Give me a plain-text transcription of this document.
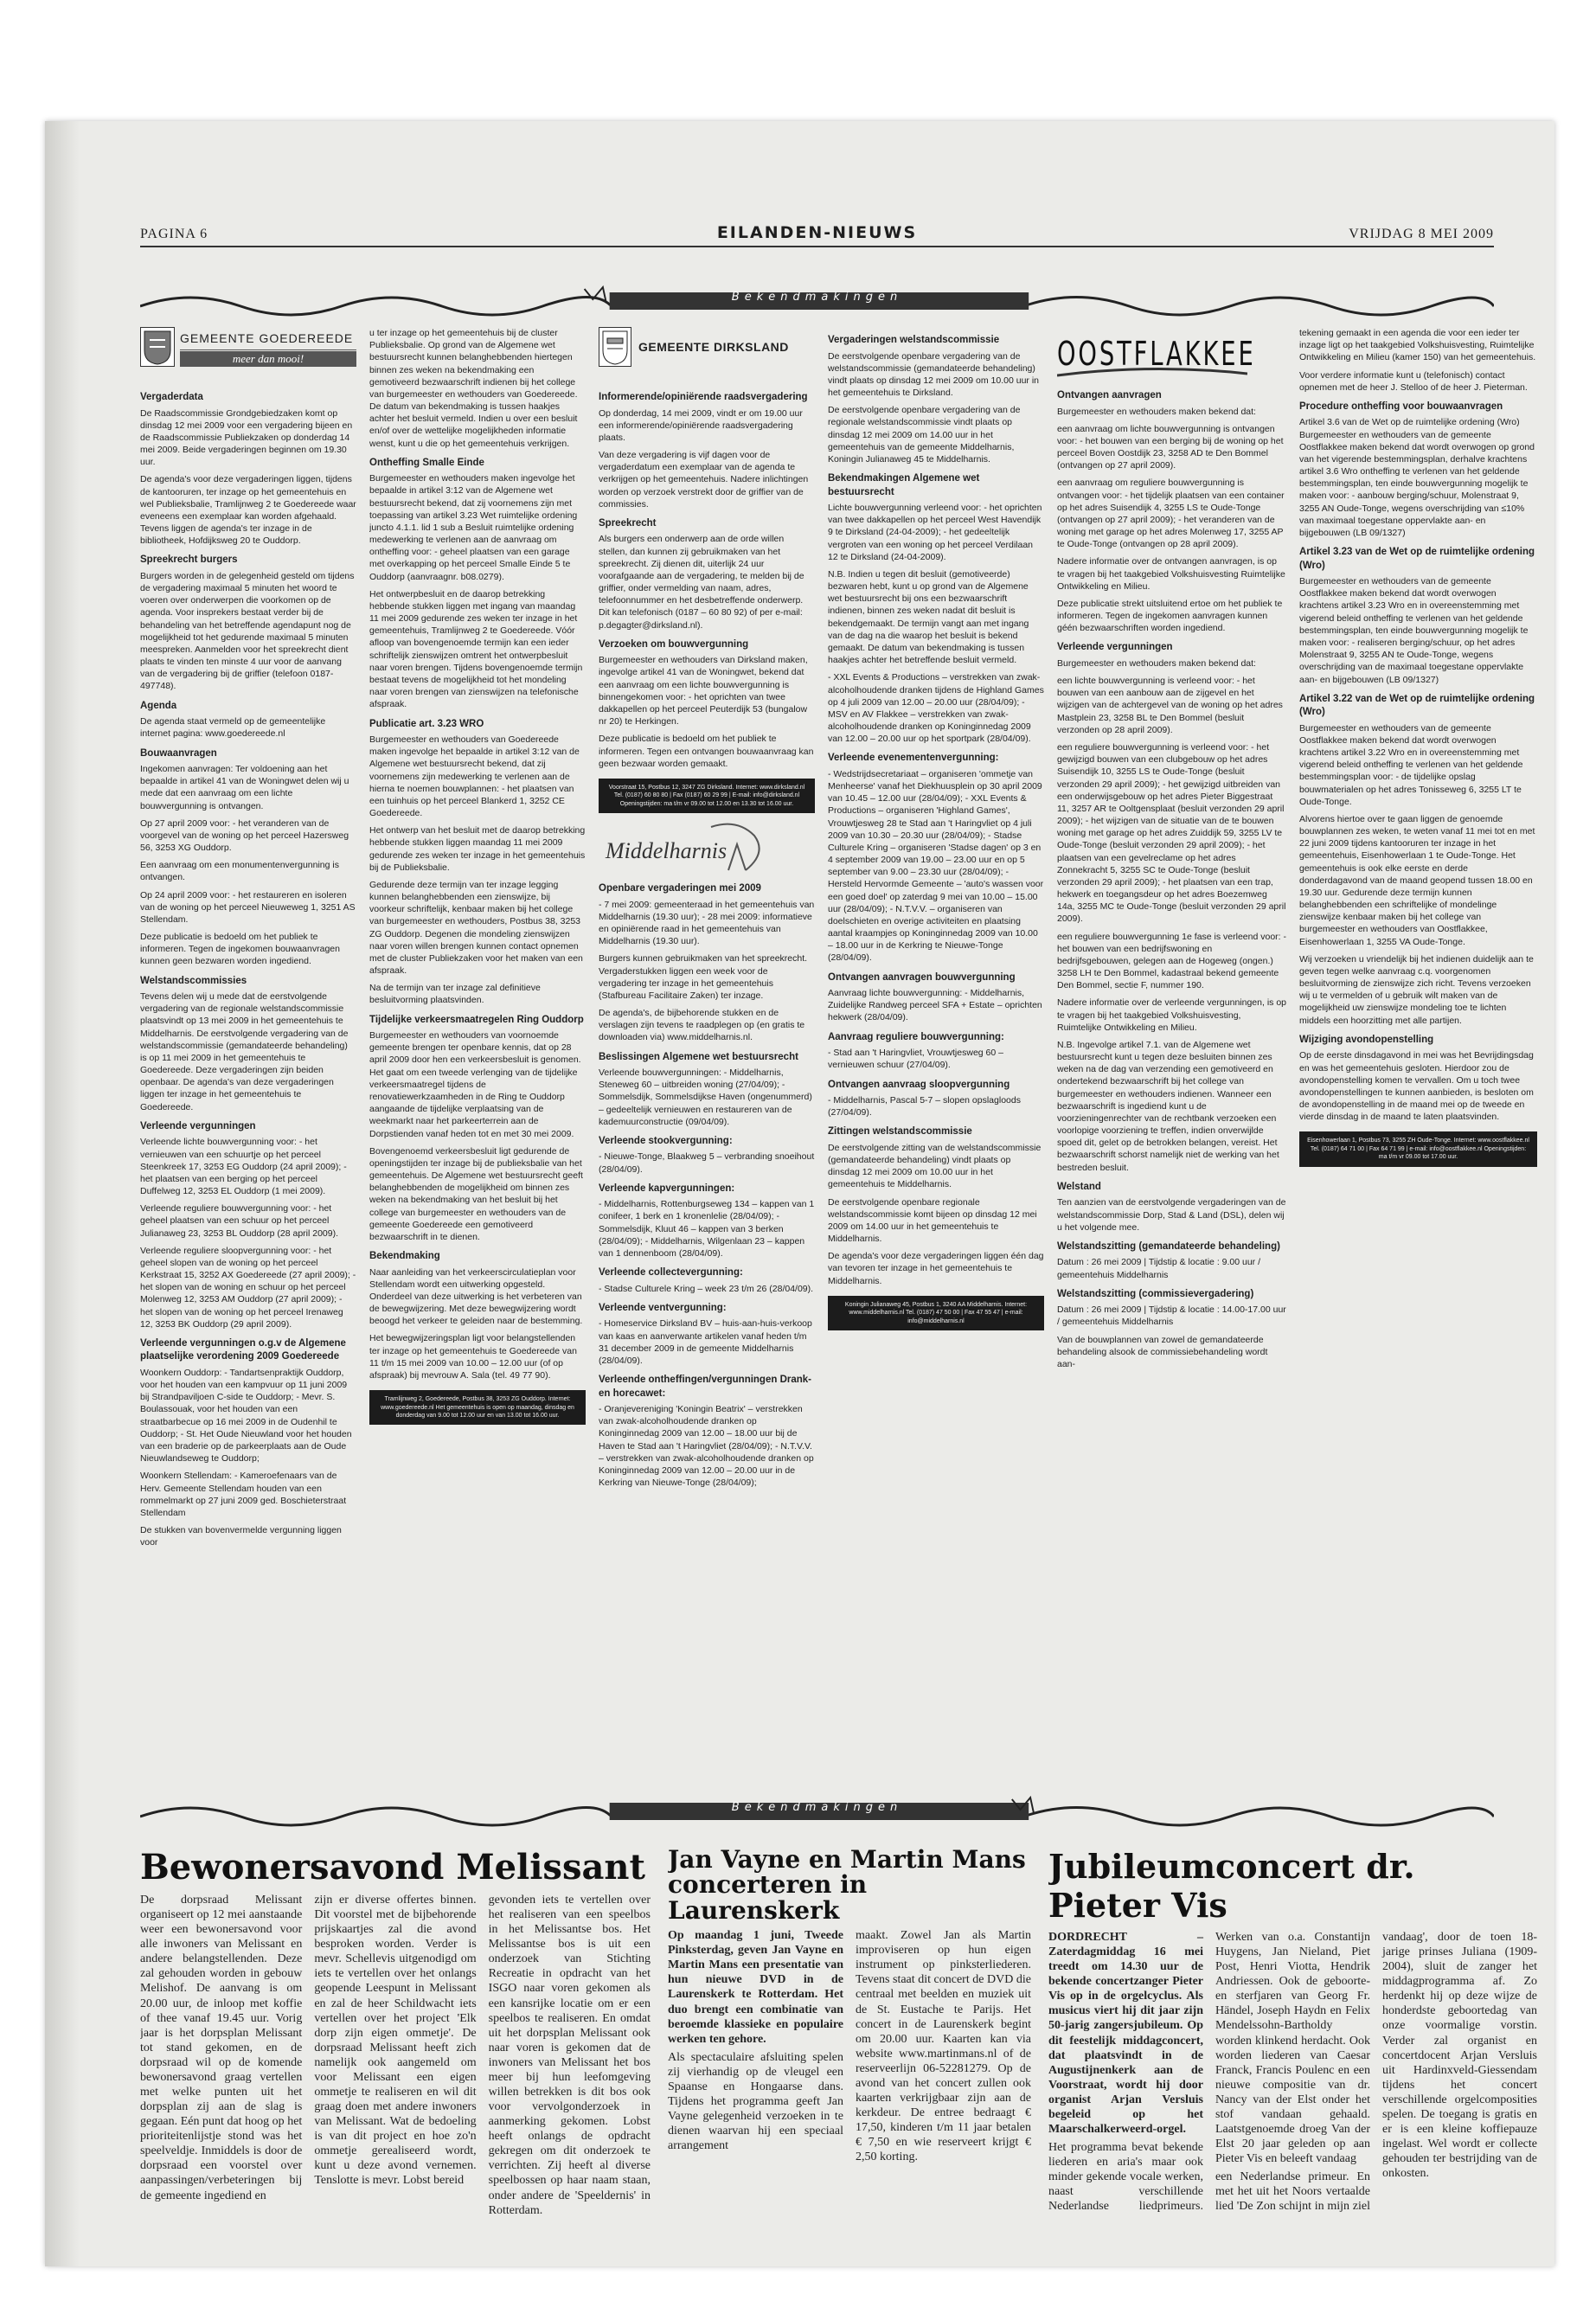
PAGINA 6	EILANDEN-NIEUWS	VRIJDAG 8 MEI 2009
Bekendmakingen
GEMEENTE GOEDEREEDE
meer dan mooi!
Vergaderdata

De Raadscommissie Grondgebiedzaken komt op dinsdag 12 mei 2009 voor een vergadering bijeen en de Raadscommissie Publiekzaken op donderdag 14 mei 2009. Beide vergaderingen beginnen om 19.30 uur.

De agenda's voor deze vergaderingen liggen, tijdens de kantooruren, ter inzage op het gemeentehuis en wel Publieksbalie, Tramlijnweg 2 te Goedereede waar eveneens een exemplaar kan worden afgehaald. Tevens liggen de agenda's ter inzage in de bibliotheek, Hofdijksweg 20 te Ouddorp.

Spreekrecht burgers

Burgers worden in de gelegenheid gesteld om tijdens de vergadering maximaal 5 minuten het woord te voeren over onderwerpen die voorkomen op de agenda. Voor insprekers bestaat verder bij de behandeling van het betreffende agendapunt nog de mogelijkheid tot het gedurende maximaal 5 minuten meespreken. Aanmelden voor het spreekrecht dient plaats te vinden ten minste 4 uur voor de aanvang van de vergadering bij de griffier (telefoon 0187-497748).

Agenda

De agenda staat vermeld op de gemeentelijke internet pagina: www.goedereede.nl

Bouwaanvragen

Ingekomen aanvragen: Ter voldoening aan het bepaalde in artikel 41 van de Woningwet delen wij u mede dat een aanvraag om een lichte bouwvergunning is ontvangen.

Op 27 april 2009 voor: - het veranderen van de voorgevel van de woning op het perceel Hazersweg 56, 3253 XG Ouddorp.

Een aanvraag om een monumentenvergunning is ontvangen.

Op 24 april 2009 voor: - het restaureren en isoleren van de woning op het perceel Nieuweweg 1, 3251 AS Stellendam.

Deze publicatie is bedoeld om het publiek te informeren. Tegen de ingekomen bouwaanvragen kunnen geen bezwaren worden ingediend.

Welstandscommissies

Tevens delen wij u mede dat de eerstvolgende vergadering van de regionale welstandscommissie plaatsvindt op 13 mei 2009 in het gemeentehuis te Middelharnis. De eerstvolgende vergadering van de welstandscommissie (gemandateerde behandeling) is op 11 mei 2009 in het gemeentehuis te Goedereede. Deze vergaderingen zijn beiden openbaar. De agenda's van deze vergaderingen liggen ter inzage in het gemeentehuis te Goedereede.

Verleende vergunningen

Verleende lichte bouwvergunning voor: - het vernieuwen van een schuurtje op het perceel Steenkreek 17, 3253 EG Ouddorp (24 april 2009); - het plaatsen van een berging op het perceel Duffelweg 12, 3253 EL Ouddorp (1 mei 2009).

Verleende reguliere bouwvergunning voor: - het geheel plaatsen van een schuur op het perceel Julianaweg 23, 3253 BL Ouddorp (28 april 2009).

Verleende reguliere sloopvergunning voor: - het geheel slopen van de woning op het perceel Kerkstraat 15, 3252 AX Goedereede (27 april 2009); - het slopen van de woning en schuur op het perceel Molenweg 12, 3253 AM Ouddorp (27 april 2009); - het slopen van de woning op het perceel Irenaweg 12, 3253 BK Ouddorp (29 april 2009).

Verleende vergunningen o.g.v de Algemene plaatselijke verordening 2009 Goedereede

Woonkern Ouddorp: - Tandartsenpraktijk Ouddorp, voor het houden van een kampvuur op 11 juni 2009 bij Strandpaviljoen C-side te Ouddorp; - Mevr. S. Boulassouak, voor het houden van een straatbarbecue op 16 mei 2009 in de Oudenhil te Ouddorp; - St. Het Oude Nieuwland voor het houden van een braderie op de parkeerplaats aan de Oude Nieuwlandseweg te Ouddorp;

Woonkern Stellendam: - Kameroefenaars van de Herv. Gemeente Stellendam houden van een rommelmarkt op 27 juni 2009 ged. Boschieterstraat Stellendam

De stukken van bovenvermelde vergunning liggen voor

u ter inzage op het gemeentehuis bij de cluster Publieksbalie. Op grond van de Algemene wet bestuursrecht kunnen belanghebbenden hiertegen binnen zes weken na bekendmaking een gemotiveerd bezwaarschrift indienen bij het college van burgemeester en wethouders van Goedereede. De datum van bekendmaking is tussen haakjes achter het besluit vermeld. Indien u over een besluit en/of over de wettelijke mogelijkheden informatie wenst, kunt u die op het gemeentehuis verkrijgen.

Ontheffing Smalle Einde

Burgemeester en wethouders maken ingevolge het bepaalde in artikel 3:12 van de Algemene wet bestuursrecht bekend, dat zij voornemens zijn met toepassing van artikel 3.23 Wet ruimtelijke ordening juncto 4.1.1. lid 1 sub a Besluit ruimtelijke ordening medewerking te verlenen aan de aanvraag om ontheffing voor: - geheel plaatsen van een garage met overkapping op het perceel Smalle Einde 5 te Ouddorp (aanvraagnr. b08.0279).

Het ontwerpbesluit en de daarop betrekking hebbende stukken liggen met ingang van maandag 11 mei 2009 gedurende zes weken ter inzage in het gemeentehuis, Tramlijnweg 2 te Goedereede. Vóór afloop van bovengenoemde termijn kan een ieder schriftelijk zienswijzen omtrent het ontwerpbesluit naar voren brengen. Tijdens bovengenoemde termijn bestaat tevens de mogelijkheid tot het mondeling naar voren brengen van zienswijzen na telefonische afspraak.

Publicatie art. 3.23 WRO

Burgemeester en wethouders van Goedereede maken ingevolge het bepaalde in artikel 3:12 van de Algemene wet bestuursrecht bekend, dat zij voornemens zijn medewerking te verlenen aan de hierna te noemen bouwplannen: - het plaatsen van een tuinhuis op het perceel Blankerd 1, 3252 CE Goedereede.

Het ontwerp van het besluit met de daarop betrekking hebbende stukken liggen maandag 11 mei 2009 gedurende zes weken ter inzage in het gemeentehuis bij de Publieksbalie.

Gedurende deze termijn van ter inzage legging kunnen belanghebbenden een zienswijze, bij voorkeur schriftelijk, kenbaar maken bij het college van burgemeester en wethouders, Postbus 38, 3253 ZG Ouddorp. Degenen die mondeling zienswijzen naar voren willen brengen kunnen contact opnemen met de cluster Publiekzaken voor het maken van een afspraak.

Na de termijn van ter inzage zal definitieve besluitvorming plaatsvinden.

Tijdelijke verkeersmaatregelen Ring Ouddorp

Burgemeester en wethouders van voornoemde gemeente brengen ter openbare kennis, dat op 28 april 2009 door hen een verkeersbesluit is genomen. Het gaat om een tweede verlenging van de tijdelijke verkeersmaatregel tijdens de renovatiewerkzaamheden in de Ring te Ouddorp aangaande de tijdelijke verplaatsing van de weekmarkt naar het parkeerterrein aan de Dorpstienden vanaf heden tot en met 30 mei 2009.

Bovengenoemd verkeersbesluit ligt gedurende de openingstijden ter inzage bij de publieksbalie van het gemeentehuis. De Algemene wet bestuursrecht geeft belanghebbenden de mogelijkheid om binnen zes weken na bekendmaking van het besluit bij het college van burgemeester en wethouders van de gemeente Goedereede een gemotiveerd bezwaarschrift in te dienen.

Bekendmaking

Naar aanleiding van het verkeerscirculatieplan voor Stellendam wordt een uitwerking opgesteld. Onderdeel van deze uitwerking is het verbeteren van de bewegwijzering. Met deze bewegwijzering wordt beoogd het verkeer te geleiden naar de bestemming.

Het bewegwijzeringsplan ligt voor belangstellenden ter inzage op het gemeentehuis te Goedereede van 11 t/m 15 mei 2009 van 10.00 – 12.00 uur (of op afspraak) bij mevrouw A. Sala (tel. 49 77 90).

Tramlijnweg 2, Goedereede, Postbus 38, 3253 ZG Ouddorp. Internet: www.goedereede.nl Het gemeentehuis is open op maandag, dinsdag en donderdag van 9.00 tot 12.00 uur en van 13.00 tot 16.00 uur.
GEMEENTE DIRKSLAND
Informerende/opiniërende raadsvergadering

Op donderdag, 14 mei 2009, vindt er om 19.00 uur een informerende/opiniërende raadsvergadering plaats.

Van deze vergadering is vijf dagen voor de vergaderdatum een exemplaar van de agenda te verkrijgen op het gemeentehuis. Nadere inlichtingen worden op verzoek verstrekt door de griffier van de commissies.

Spreekrecht

Als burgers een onderwerp aan de orde willen stellen, dan kunnen zij gebruikmaken van het spreekrecht. Zij dienen dit, uiterlijk 24 uur voorafgaande aan de vergadering, te melden bij de griffier, onder vermelding van naam, adres, telefoonnummer en het desbetreffende onderwerp. Dit kan telefonisch (0187 – 60 80 92) of per e-mail: p.degagter@dirksland.nl).

Verzoeken om bouwvergunning

Burgemeester en wethouders van Dirksland maken, ingevolge artikel 41 van de Woningwet, bekend dat een aanvraag om een lichte bouwvergunning is binnengekomen voor: - het oprichten van twee dakkapellen op het perceel Peuterdijk 53 (bungalow nr 20) te Herkingen.

Deze publicatie is bedoeld om het publiek te informeren. Tegen een ontvangen bouwaanvraag kan geen bezwaar worden gemaakt.

Voorstraat 15, Postbus 12, 3247 ZG Dirksland. Internet: www.dirksland.nl Tel. (0187) 60 80 80 | Fax (0187) 60 29 99 | E-mail: info@dirksland.nl Openingstijden: ma t/m vr 09.00 tot 12.00 en 13.30 tot 16.00 uur.
Middelharnis
Openbare vergaderingen mei 2009

- 7 mei 2009: gemeenteraad in het gemeentehuis van Middelharnis (19.30 uur); - 28 mei 2009: informatieve en opiniërende raad in het gemeentehuis van Middelharnis (19.30 uur).

Burgers kunnen gebruikmaken van het spreekrecht. Vergaderstukken liggen een week voor de vergadering ter inzage in het gemeentehuis (Stafbureau Facilitaire Zaken) ter inzage.

De agenda's, de bijbehorende stukken en de verslagen zijn tevens te raadplegen op (en gratis te downloaden via) www.middelharnis.nl.

Beslissingen Algemene wet bestuursrecht

Verleende bouwvergunningen: - Middelharnis, Steneweg 60 – uitbreiden woning (27/04/09); - Sommelsdijk, Sommelsdijkse Haven (ongenummerd) – gedeeltelijk vernieuwen en restaureren van de kademuurconstructie (09/04/09).

Verleende stookvergunning:

- Nieuwe-Tonge, Blaakweg 5 – verbranding snoeihout (28/04/09).

Verleende kapvergunningen:

- Middelharnis, Rottenburgseweg 134 – kappen van 1 conifeer, 1 berk en 1 kronenlelie (28/04/09); - Sommelsdijk, Kluut 46 – kappen van 3 berken (28/04/09); - Middelharnis, Wilgenlaan 23 – kappen van 1 dennenboom (28/04/09).

Verleende collectevergunning:

- Stadse Culturele Kring – week 23 t/m 26 (28/04/09).

Verleende ventvergunning:

- Homeservice Dirksland BV – huis-aan-huis-verkoop van kaas en aanverwante artikelen vanaf heden t/m 31 december 2009 in de gemeente Middelharnis (28/04/09).

Verleende ontheffingen/vergunningen Drank- en horecawet:

- Oranjevereniging 'Koningin Beatrix' – verstrekken van zwak-alcoholhoudende dranken op Koninginnedag 2009 van 12.00 – 18.00 uur bij de Haven te Stad aan 't Haringvliet (28/04/09); - N.T.V.V. – verstrekken van zwak-alcoholhoudende dranken op Koninginnedag 2009 van 12.00 – 20.00 uur in de Kerkring van Nieuwe-Tonge (28/04/09);

Vergaderingen welstandscommissie

De eerstvolgende openbare vergadering van de welstandscommissie (gemandateerde behandeling) vindt plaats op dinsdag 12 mei 2009 om 10.00 uur in het gemeentehuis te Dirksland.

De eerstvolgende openbare vergadering van de regionale welstandscommissie vindt plaats op dinsdag 12 mei 2009 om 14.00 uur in het gemeentehuis van de gemeente Middelharnis, Koningin Julianaweg 45 te Middelharnis.

Bekendmakingen Algemene wet bestuursrecht

Lichte bouwvergunning verleend voor: - het oprichten van twee dakkapellen op het perceel West Havendijk 9 te Dirksland (24-04-2009); - het gedeeltelijk vergroten van een woning op het perceel Verdilaan 12 te Dirksland (24-04-2009).

N.B. Indien u tegen dit besluit (gemotiveerde) bezwaren hebt, kunt u op grond van de Algemene wet bestuursrecht bij ons een bezwaarschrift indienen, binnen zes weken nadat dit besluit is bekendgemaakt. De termijn vangt aan met ingang van de dag na die waarop het besluit is bekend gemaakt. De datum van bekendmaking is tussen haakjes achter het betreffende besluit vermeld.

- XXL Events & Productions – verstrekken van zwak-alcoholhoudende dranken tijdens de Highland Games op 4 juli 2009 van 12.00 – 20.00 uur (28/04/09); - MSV en AV Flakkee – verstrekken van zwak-alcoholhoudende dranken op Koninginnedag 2009 van 12.00 – 20.00 uur op het sportpark (28/04/09).

Verleende evenementenvergunning:

- Wedstrijdsecretariaat – organiseren 'ommetje van Menheerse' vanaf het Diekhuusplein op 30 april 2009 van 10.45 – 12.00 uur (28/04/09); - XXL Events & Productions – organiseren 'Highland Games', Vrouwtjesweg 28 te Stad aan 't Haringvliet op 4 juli 2009 van 10.30 – 20.30 uur (28/04/09); - Stadse Culturele Kring – organiseren 'Stadse dagen' op 3 en 4 september 2009 van 19.00 – 23.00 uur en op 5 september van 9.00 – 23.30 uur (28/04/09); - Hersteld Hervormde Gemeente – 'auto's wassen voor een goed doel' op zaterdag 9 mei van 10.00 – 15.00 uur (28/04/09); - N.T.V.V. – organiseren van doelschieten en overige activiteiten en plaatsing aantal kraampjes op Koninginnedag 2009 van 10.00 – 18.00 uur in de Kerkring te Nieuwe-Tonge (28/04/09).

Ontvangen aanvragen bouwvergunning

Aanvraag lichte bouwvergunning: - Middelharnis, Zuidelijke Randweg perceel SFA + Estate – oprichten hekwerk (28/04/09).

Aanvraag reguliere bouwvergunning:

- Stad aan 't Haringvliet, Vrouwtjesweg 60 – vernieuwen schuur (27/04/09).

Ontvangen aanvraag sloopvergunning

- Middelharnis, Pascal 5-7 – slopen opslagloods (27/04/09).

Zittingen welstandscommissie

De eerstvolgende zitting van de welstandscommissie (gemandateerde behandeling) vindt plaats op dinsdag 12 mei 2009 om 10.00 uur in het gemeentehuis te Middelharnis.

De eerstvolgende openbare regionale welstandscommissie komt bijeen op dinsdag 12 mei 2009 om 14.00 uur in het gemeentehuis te Middelharnis.

De agenda's voor deze vergaderingen liggen één dag van tevoren ter inzage in het gemeentehuis te Middelharnis.

Koningin Julianaweg 45, Postbus 1, 3240 AA Middelharnis. Internet: www.middelharnis.nl Tel. (0187) 47 50 00 | Fax 47 55 47 | e-mail: info@middelharnis.nl
OOSTFLAKKEE
Ontvangen aanvragen

Burgemeester en wethouders maken bekend dat:

een aanvraag om lichte bouwvergunning is ontvangen voor: - het bouwen van een berging bij de woning op het perceel Boven Oostdijk 23, 3258 AD te Den Bommel (ontvangen op 27 april 2009).

een aanvraag om reguliere bouwvergunning is ontvangen voor: - het tijdelijk plaatsen van een container op het adres Suisendijk 4, 3255 LS te Oude-Tonge (ontvangen op 27 april 2009); - het veranderen van de woning met garage op het adres Molenweg 17, 3255 AP te Oude-Tonge (ontvangen op 28 april 2009).

Nadere informatie over de ontvangen aanvragen, is op te vragen bij het taakgebied Volkshuisvesting Ruimtelijke Ontwikkeling en Milieu.

Deze publicatie strekt uitsluitend ertoe om het publiek te informeren. Tegen de ingekomen aanvragen kunnen géén bezwaarschriften worden ingediend.

Verleende vergunningen

Burgemeester en wethouders maken bekend dat:

een lichte bouwvergunning is verleend voor: - het bouwen van een aanbouw aan de zijgevel en het wijzigen van de achtergevel van de woning op het adres Mastplein 23, 3258 BL te Den Bommel (besluit verzonden op 28 april 2009).

een reguliere bouwvergunning is verleend voor: - het gewijzigd bouwen van een clubgebouw op het adres Suisendijk 10, 3255 LS te Oude-Tonge (besluit verzonden 29 april 2009); - het gewijzigd uitbreiden van een onderwijsgebouw op het adres Pieter Biggestraat 11, 3257 AR te Ooltgensplaat (besluit verzonden 29 april 2009); - het wijzigen van de situatie van de te bouwen woning met garage op het adres Zuiddijk 59, 3255 LV te Oude-Tonge (besluit verzonden 29 april 2009); - het plaatsen van een gevelreclame op het adres Zonnekracht 5, 3255 SC te Oude-Tonge (besluit verzonden 29 april 2009); - het plaatsen van een trap, hekwerk en toegangsdeur op het adres Boezemweg 14a, 3255 MC te Oude-Tonge (besluit verzonden 29 april 2009).

een reguliere bouwvergunning 1e fase is verleend voor: - het bouwen van een bedrijfswoning en bedrijfsgebouwen, gelegen aan de Hogeweg (ongen.) 3258 LH te Den Bommel, kadastraal bekend gemeente Den Bommel, sectie F, nummer 190.

Nadere informatie over de verleende vergunningen, is op te vragen bij het taakgebied Volkshuisvesting, Ruimtelijke Ontwikkeling en Milieu.

N.B. Ingevolge artikel 7.1. van de Algemene wet bestuursrecht kunt u tegen deze besluiten binnen zes weken na de dag van verzending een gemotiveerd en ondertekend bezwaarschrift bij het college van burgemeester en wethouders indienen. Wanneer een bezwaarschrift is ingediend kunt u de voorzieningenrechter van de rechtbank verzoeken een voorlopige voorziening te treffen, indien onverwijlde spoed dit, gelet op de betrokken belangen, vereist. Het bezwaarschrift schorst namelijk niet de werking van het bestreden besluit.

Welstand

Ten aanzien van de eerstvolgende vergaderingen van de welstandscommissie Dorp, Stad & Land (DSL), delen wij u het volgende mee.

Welstandszitting (gemandateerde behandeling)

Datum : 26 mei 2009 | Tijdstip & locatie : 9.00 uur / gemeentehuis Middelharnis

Welstandszitting (commissievergadering)

Datum : 26 mei 2009 | Tijdstip & locatie : 14.00-17.00 uur / gemeentehuis Middelharnis

Van de bouwplannen van zowel de gemandateerde behandeling alsook de commissiebehandeling wordt aan-

tekening gemaakt in een agenda die voor een ieder ter inzage ligt op het taakgebied Volkshuisvesting, Ruimtelijke Ontwikkeling en Milieu (kamer 150) van het gemeentehuis.

Voor verdere informatie kunt u (telefonisch) contact opnemen met de heer J. Stelloo of de heer J. Pieterman.

Procedure ontheffing voor bouwaanvragen

Artikel 3.6 van de Wet op de ruimtelijke ordening (Wro) Burgemeester en wethouders van de gemeente Oostflakkee maken bekend dat wordt overwogen op grond van het vigerende bestemmingsplan, derhalve krachtens artikel 3.6 Wro ontheffing te verlenen van het geldende bestemmingsplan, ten einde bouwvergunning mogelijk te maken voor: - aanbouw berging/schuur, Molenstraat 9, 3255 AN Oude-Tonge, wegens overschrijding van ≤10% van maximaal toegestane oppervlakte aan- en bijgebouwen (LB 09/1327)

Artikel 3.23 van de Wet op de ruimtelijke ordening (Wro)

Burgemeester en wethouders van de gemeente Oostflakkee maken bekend dat wordt overwogen krachtens artikel 3.23 Wro en in overeenstemming met vigerend beleid ontheffing te verlenen van het geldende bestemmingsplan, ten einde bouwvergunning mogelijk te maken voor: - realiseren berging/schuur, op het adres Molenstraat 9, 3255 AN te Oude-Tonge, wegens overschrijding van de maximaal toegestane oppervlakte aan- en bijgebouwen (LB 09/1327)

Artikel 3.22 van de Wet op de ruimtelijke ordening (Wro)

Burgemeester en wethouders van de gemeente Oostflakkee maken bekend dat wordt overwogen krachtens artikel 3.22 Wro en in overeenstemming met vigerend beleid ontheffing te verlenen van het geldende bestemmingsplan voor: - de tijdelijke opslag bouwmaterialen op het adres Tonisseweg 6, 3255 LT te Oude-Tonge.

Alvorens hiertoe over te gaan liggen de genoemde bouwplannen zes weken, te weten vanaf 11 mei tot en met 22 juni 2009 tijdens kantooruren ter inzage in het gemeentehuis, Eisenhowerlaan 1 te Oude-Tonge. Het gemeentehuis is ook elke eerste en derde donderdagavond van de maand geopend tussen 18.00 en 19.30 uur. Gedurende deze termijn kunnen belanghebbenden een schriftelijke of mondelinge zienswijze kenbaar maken bij het college van burgemeester en wethouders van Oostflakkee, Eisenhowerlaan 1, 3255 VA Oude-Tonge.

Wij verzoeken u vriendelijk bij het indienen duidelijk aan te geven tegen welke aanvraag c.q. voorgenomen besluitvorming de zienswijze zich richt. Tevens verzoeken wij u te vermelden of u gebruik wilt maken van de mogelijkheid uw zienswijze mondeling toe te lichten middels een hoorzitting met alle partijen.

Wijziging avondopenstelling

Op de eerste dinsdagavond in mei was het Bevrijdingsdag en was het gemeentehuis gesloten. Hierdoor zou de avondopenstelling komen te vervallen. Om u toch twee avondopenstellingen te kunnen aanbieden, is besloten om de avondopenstelling in de maand mei op de tweede en vierde dinsdag in de maand te laten plaatsvinden.

Eisenhowerlaan 1, Postbus 73, 3255 ZH Oude-Tonge. Internet: www.oostflakkee.nl Tel. (0187) 64 71 00 | Fax 64 71 99 | e-mail: info@oostflakkee.nl Openingstijden: ma t/m vr 09.00 tot 17.00 uur.
Bekendmakingen
Bewonersavond Melissant

De dorpsraad Melissant organiseert op 12 mei aanstaande weer een bewonersavond voor alle inwoners van Melissant en andere belangstellenden. Deze zal gehouden worden in gebouw Melishof. De aanvang is om 20.00 uur, de inloop met koffie of thee vanaf 19.45 uur. Vorig jaar is het dorpsplan Melissant tot stand gekomen, en de dorpsraad wil op de komende bewonersavond graag vertellen met welke punten uit het dorpsplan zij aan de slag is gegaan. Eén punt dat hoog op het prioriteitenlijstje stond was het speelveldje. Inmiddels is door de dorpsraad een voorstel over aanpassingen/verbeteringen bij de gemeente ingediend en

zijn er diverse offertes binnen. Dit voorstel met de bijbehorende prijskaartjes zal die avond besproken worden. Verder is mevr. Schellevis uitgenodigd om iets te vertellen over het onlangs geopende Leespunt in Melissant en zal de heer Schildwacht iets vertellen over het project 'Elk dorp zijn eigen ommetje'. De dorpsraad Melissant heeft zich namelijk ook aangemeld om voor Melissant een eigen ommetje te realiseren en wil dit graag doen met andere inwoners van Melissant. Wat de bedoeling is van dit project en hoe zo'n ommetje gerealiseerd wordt, kunt u deze avond vernemen. Tenslotte is mevr. Lobst bereid

gevonden iets te vertellen over het realiseren van een speelbos in het Melissantse bos. Het Melissantse bos is uit een onderzoek van Stichting Recreatie in opdracht van het ISGO naar voren gekomen als een kansrijke locatie om er een speelbos te realiseren. En omdat uit het dorpsplan Melissant ook naar voren is gekomen dat de inwoners van Melissant het bos meer bij hun leefomgeving willen betrekken is dit bos ook voor vervolgonderzoek in aanmerking gekomen. Lobst heeft onlangs de opdracht gekregen om dit onderzoek te verrichten. Zij heeft al diverse speelbossen op haar naam staan, onder andere de 'Speeldernis' in Rotterdam.

Jan Vayne en Martin Mans concerteren in Laurenskerk

Op maandag 1 juni, Tweede Pinksterdag, geven Jan Vayne en Martin Mans een presentatie van hun nieuwe DVD in de Laurenskerk te Rotterdam. Het duo brengt een combinatie van beroemde klassieke en populaire werken ten gehore.

Als spectaculaire afsluiting spelen zij vierhandig op de vleugel een Spaanse en Hongaarse dans. Tijdens het programma geeft Jan Vayne gelegenheid verzoeken in te dienen waarvan hij een speciaal arrangement

maakt. Zowel Jan als Martin improviseren op hun eigen instrument op pinksterliederen. Tevens staat dit concert de DVD die centraal met beelden en muziek uit de St. Eustache te Parijs. Het concert in de Laurenskerk begint om 20.00 uur. Kaarten kan via website www.martinmans.nl of de reserveerlijn 06-52281279. Op de avond van het concert zullen ook kaarten verkrijgbaar zijn aan de kerkdeur. De entree bedraagt € 17,50, kinderen t/m 11 jaar betalen € 7,50 en wie reserveert krijgt € 2,50 korting.

Jubileumconcert dr. Pieter Vis

DORDRECHT – Zaterdagmiddag 16 mei treedt om 14.30 uur de bekende concertzanger Pieter Vis op in de orgelcyclus. Als musicus viert hij dit jaar zijn 50-jarig zangersjubileum. Op dit feestelijk middagconcert, dat plaatsvindt in de Augustijnenkerk aan de Voorstraat, wordt hij door organist Arjan Versluis begeleid op het Maarschalkerweerd-orgel.

Het programma bevat bekende liederen en aria's maar ook minder gekende vocale werken, naast verschillende Nederlandse liedprimeurs. Werken van o.a. Constantijn Huygens, Jan Nieland, Piet Post, Henri Viotta, Hendrik Andriessen. Ook de geboorte- en sterfjaren van Georg Fr. Händel, Joseph Haydn en Felix Mendelssohn-Bartholdy worden klinkend herdacht. Ook worden liederen van Caesar Franck, Francis Poulenc en een nieuwe compositie van dr. Nancy van der Elst onder het stof vandaan gehaald. Laatstgenoemde droeg Van der Elst 20 jaar geleden op aan Pieter Vis en beleeft vandaag

een Nederlandse primeur. En met het uit het Noors vertaalde lied 'De Zon schijnt in mijn ziel vandaag', door de toen 18-jarige prinses Juliana (1909-2004), sluit de zanger het middagprogramma af. Zo herdenkt hij op deze wijze de honderdste geboortedag van onze voormalige vorstin. Verder zal organist en concertdocent Arjan Versluis uit Hardinxveld-Giessendam tijdens het concert verschillende orgelcomposities spelen. De toegang is gratis en er is een kleine koffiepauze ingelast. Wel wordt er collecte gehouden ter bestrijding van de onkosten.
